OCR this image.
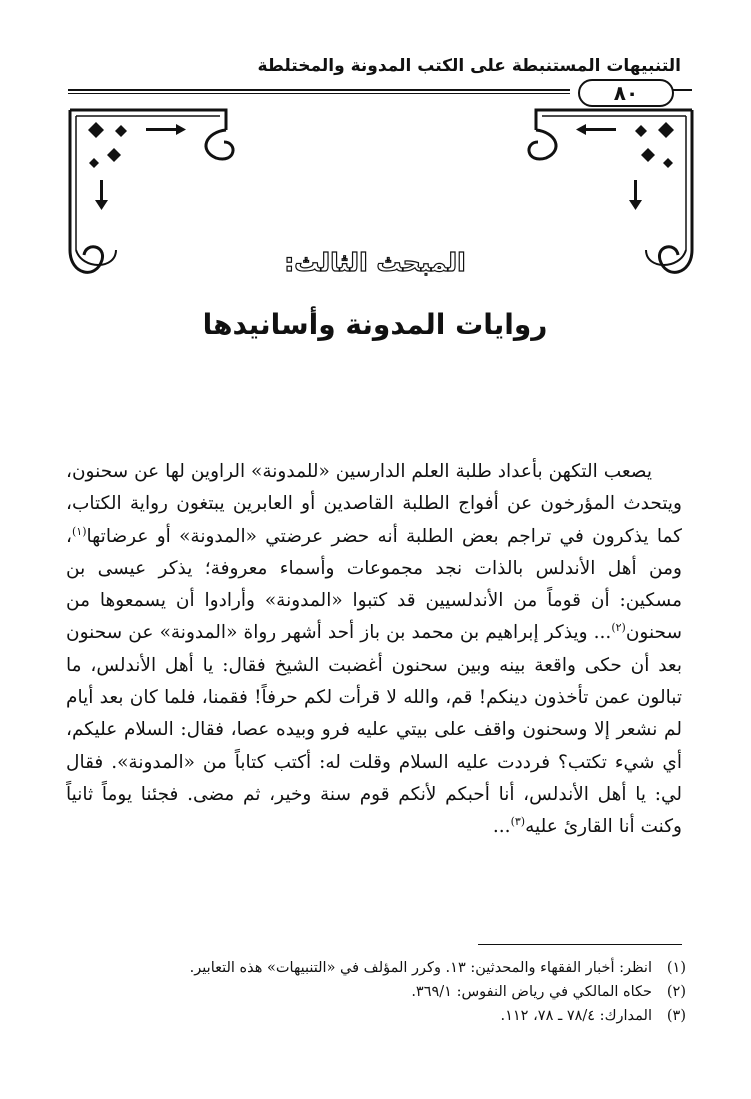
التنبيهات المستنبطة على الكتب المدونة والمختلطة
٨٠
المبحث الثالث:
روايات المدونة وأسانيدها

يصعب التكهن بأعداد طلبة العلم الدارسين «للمدونة» الراوين لها عن سحنون، ويتحدث المؤرخون عن أفواج الطلبة القاصدين أو العابرين يبتغون رواية الكتاب، كما يذكرون في تراجم بعض الطلبة أنه حضر عرضتي «المدونة» أو عرضاتها$^{(١)}$، ومن أهل الأندلس بالذات نجد مجموعات وأسماء معروفة؛ يذكر عيسى بن مسكين: أن قوماً من الأندلسيين قد كتبوا «المدونة» وأرادوا أن يسمعوها من سحنون$^{(٢)}$... ويذكر إبراهيم بن محمد بن باز أحد أشهر رواة «المدونة» عن سحنون بعد أن حكى واقعة بينه وبين سحنون أغضبت الشيخ فقال: يا أهل الأندلس، ما تبالون عمن تأخذون دينكم! قم، والله لا قرأت لكم حرفاً! فقمنا، فلما كان بعد أيام لم نشعر إلا وسحنون واقف على بيتي عليه فرو وبيده عصا، فقال: السلام عليكم، أي شيء تكتب؟ فرددت عليه السلام وقلت له: أكتب كتاباً من «المدونة». فقال لي: يا أهل الأندلس، أنا أحبكم لأنكم قوم سنة وخير، ثم مضى. فجئنا يوماً ثانياً وكنت أنا القارئ عليه$^{(٣)}$...

(١)انظر: أخبار الفقهاء والمحدثين: ١٣. وكرر المؤلف في «التنبيهات» هذه التعابير.
(٢)حكاه المالكي في رياض النفوس: ٣٦٩/١.
(٣)المدارك: ٧٨/٤ ـ ٧٨، ١١٢.
